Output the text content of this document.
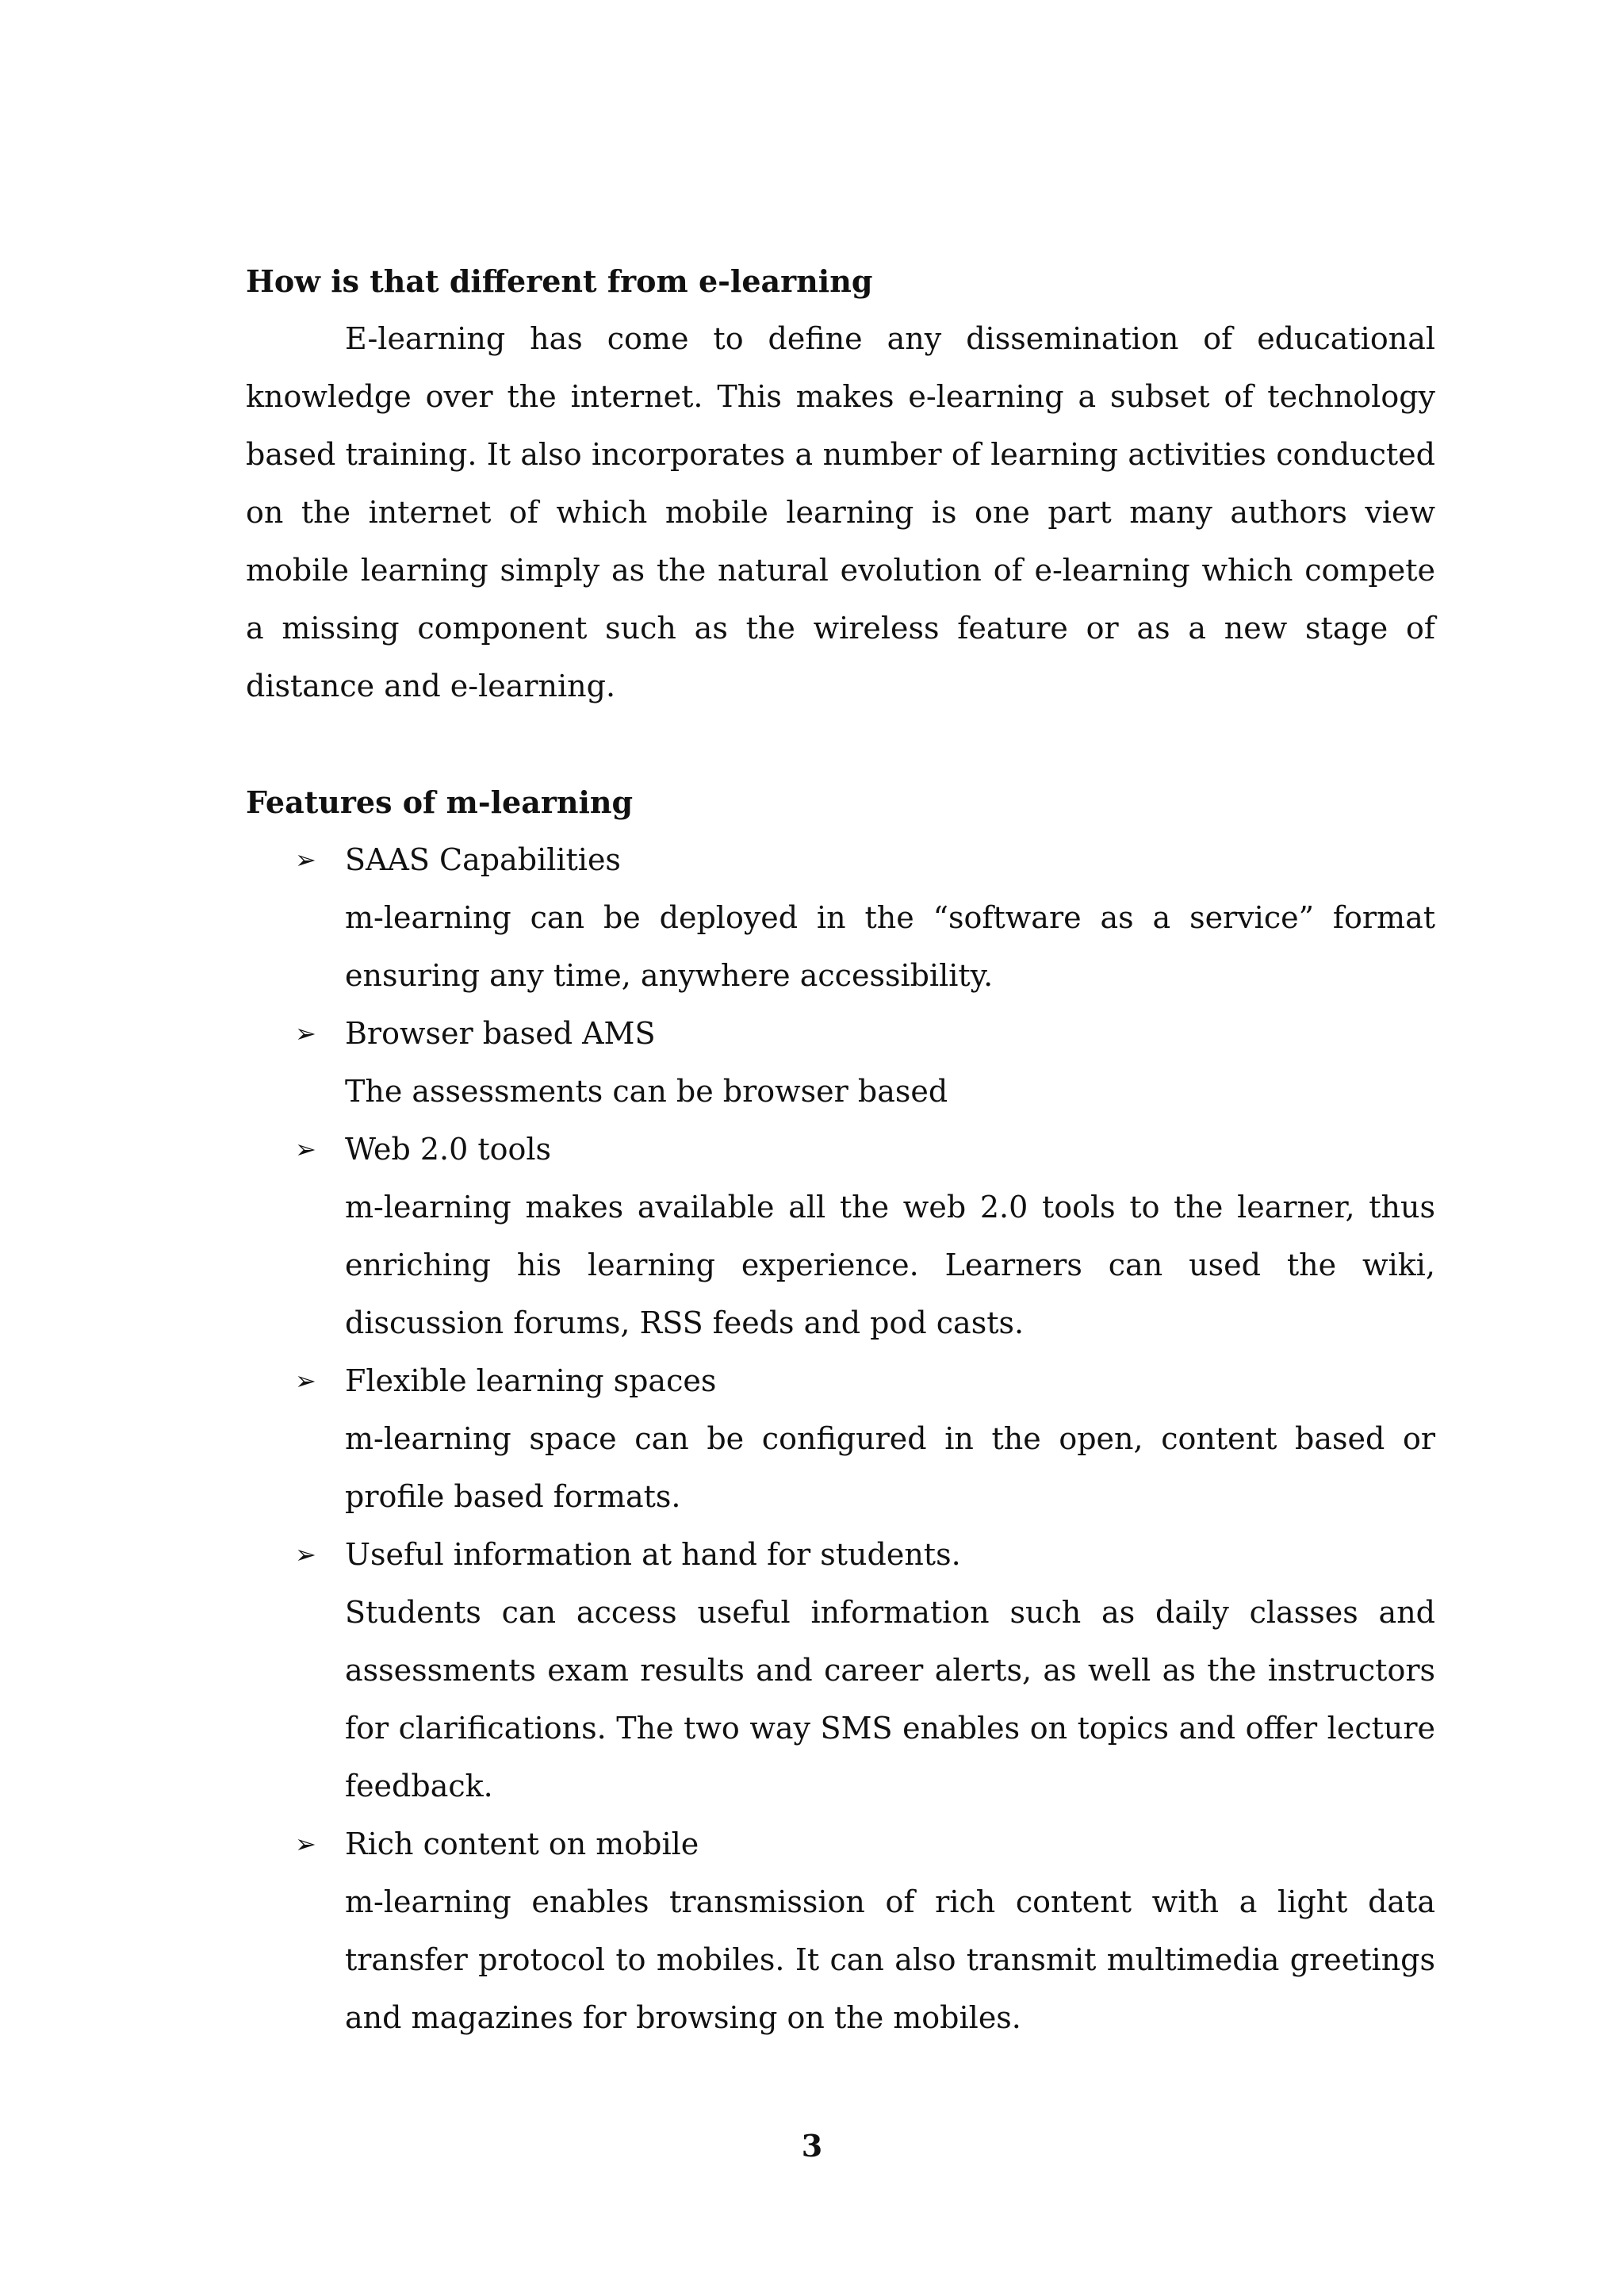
How is that different from e-learning

E-learning has come to define any dissemination of educational knowledge over the internet. This makes e-learning a subset of technology based training. It also incorporates a number of learning activities conducted on the internet of which mobile learning is one part many authors view mobile learning simply as the natural evolution of e-learning which compete a missing component such as the wireless feature or as a new stage of distance and e-learning.

Features of m-learning
➢ SAAS Capabilities

m-learning can be deployed in the “software as a service” format ensuring any time, anywhere accessibility.

➢ Browser based AMS

The assessments can be browser based

➢ Web 2.0 tools

m-learning makes available all the web 2.0 tools to the learner, thus enriching his learning experience. Learners can used the wiki, discussion forums, RSS feeds and pod casts.

➢ Flexible learning spaces

m-learning space can be configured in the open, content based or profile based formats.

➢ Useful information at hand for students.

Students can access useful information such as daily classes and assessments exam results and career alerts, as well as the instructors for clarifications. The two way SMS enables on topics and offer lecture feedback.

➢ Rich content on mobile

m-learning enables transmission of rich content with a light data transfer protocol to mobiles. It can also transmit multimedia greetings and magazines for browsing on the mobiles.

3
